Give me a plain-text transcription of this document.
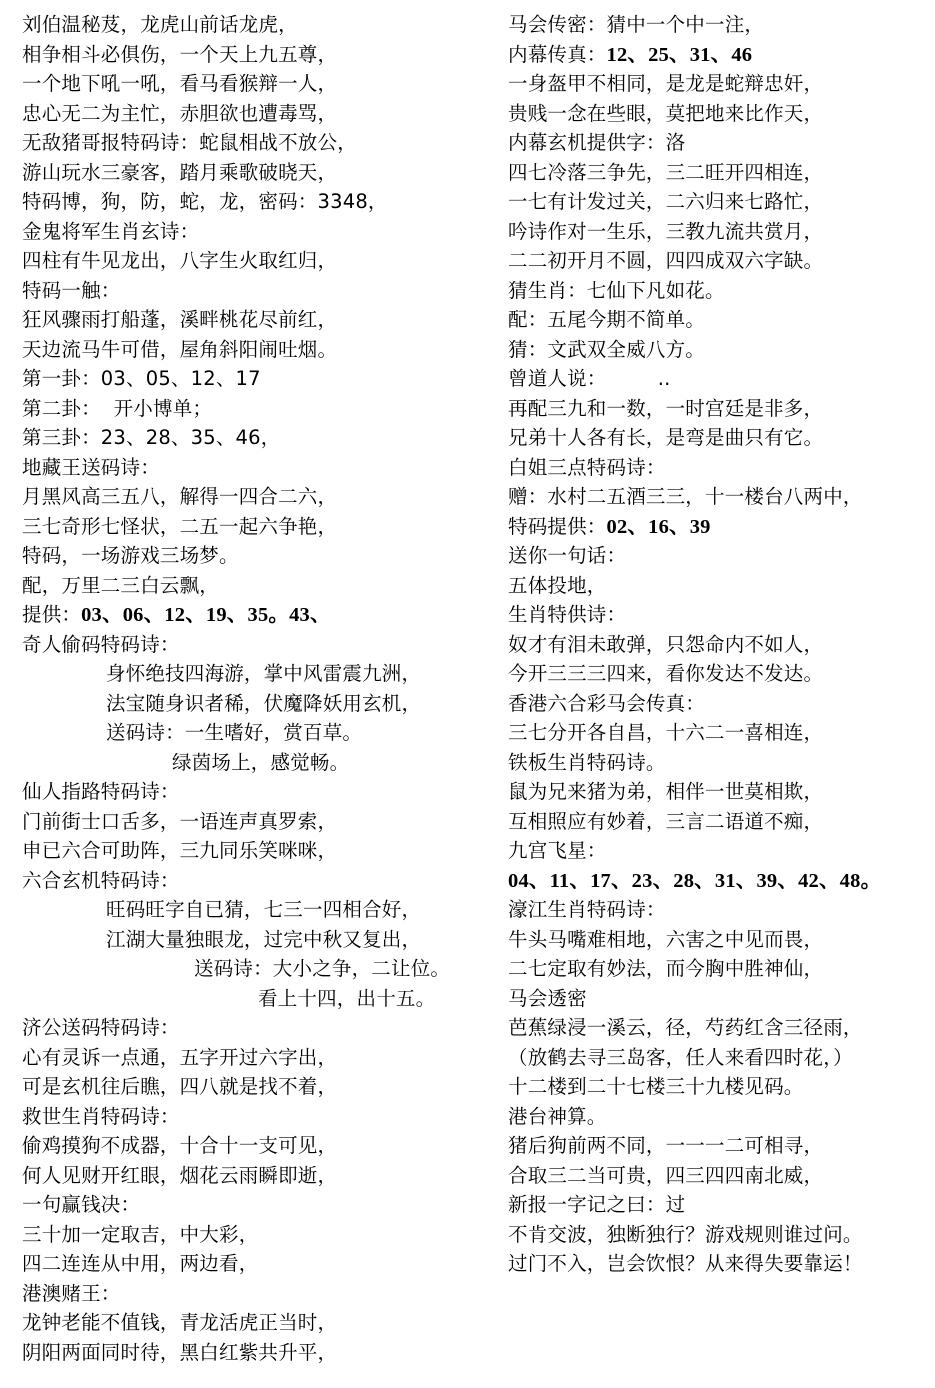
刘伯温秘芨，龙虎山前话龙虎，
相争相斗必俱伤，一个天上九五尊，
一个地下吼一吼，看马看猴辩一人，
忠心无二为主忙，赤胆欲也遭毒骂，
无敌猪哥报特码诗：蛇鼠相战不放公，
游山玩水三豪客，踏月乘歌破晓天，
特码博，狗，防，蛇，龙，密码：3348，
金鬼将军生肖玄诗：
四柱有牛见龙出，八字生火取红归，
特码一触：
狂风骤雨打船蓬，溪畔桃花尽前红，
天边流马牛可借，屋角斜阳闹吐烟。
第一卦：03、05、12、17
第二卦：  开小博单；
第三卦：23、28、35、46，
地藏王送码诗：
月黑风高三五八，解得一四合二六，
三七奇形七怪状，二五一起六争艳，
特码，一场游戏三场梦。
配，万里二三白云飘，
提供：03、06、12、19、35。43、
奇人偷码特码诗：
身怀绝技四海游，掌中风雷震九洲，
法宝随身识者稀，伏魔降妖用玄机，
送码诗：一生嗜好，赏百草。
绿茵场上，感觉畅。
仙人指路特码诗：
门前街士口舌多，一语连声真罗索，
申已六合可助阵，三九同乐笑咪咪，
六合玄机特码诗：
旺码旺字自已猜，七三一四相合好，
江湖大量独眼龙，过完中秋又复出，
送码诗：大小之争，二让位。
看上十四，出十五。
济公送码特码诗：
心有灵诉一点通，五字开过六字出，
可是玄机往后瞧，四八就是找不着，
救世生肖特码诗：
偷鸡摸狗不成器，十合十一支可见，
何人见财开红眼，烟花云雨瞬即逝，
一句赢钱决：
三十加一定取吉，中大彩，
四二连连从中用，两边看，
港澳赌王：
龙钟老能不值钱，青龙活虎正当时，
阴阳两面同时待，黑白红紫共升平，
马会传密：猜中一个中一注，
内幕传真：12、25、31、46
一身盔甲不相同，是龙是蛇辩忠奸，
贵贱一念在些眼，莫把地来比作天，
内幕玄机提供字：洛
四七冷落三争先，三二旺开四相连，
一七有计发过关，二六归来七路忙，
吟诗作对一生乐，三教九流共赏月，
二二初开月不圆，四四成双六字缺。
猜生肖：七仙下凡如花。
配：五尾今期不简单。
猜：文武双全威八方。
曾道人说：        ..
再配三九和一数，一时宫廷是非多，
兄弟十人各有长，是弯是曲只有它。
白姐三点特码诗：
赠：水村二五酒三三，十一楼台八两中，
特码提供：02、16、39
送你一句话：
五体投地，
生肖特供诗：
奴才有泪未敢弹，只怨命内不如人，
今开三三三四来，看你发达不发达。
香港六合彩马会传真：
三七分开各自昌，十六二一喜相连，
铁板生肖特码诗。
鼠为兄来猪为弟，相伴一世莫相欺，
互相照应有妙着，三言二语道不痴，
九宫飞星：
04、11、17、23、28、31、39、42、48。
濠江生肖特码诗：
牛头马嘴难相地，六害之中见而畏，
二七定取有妙法，而今胸中胜神仙，
马会透密
芭蕉绿浸一溪云，径，芍药红含三径雨，
（放鹤去寻三岛客，任人来看四时花，）
十二楼到二十七楼三十九楼见码。
港台神算。
猪后狗前两不同，一一一二可相寻，
合取三二当可贵，四三四四南北威，
新报一字记之曰：过
不肯交波，独断独行？游戏规则谁过问。
过门不入，岂会饮恨？从来得失要靠运！
